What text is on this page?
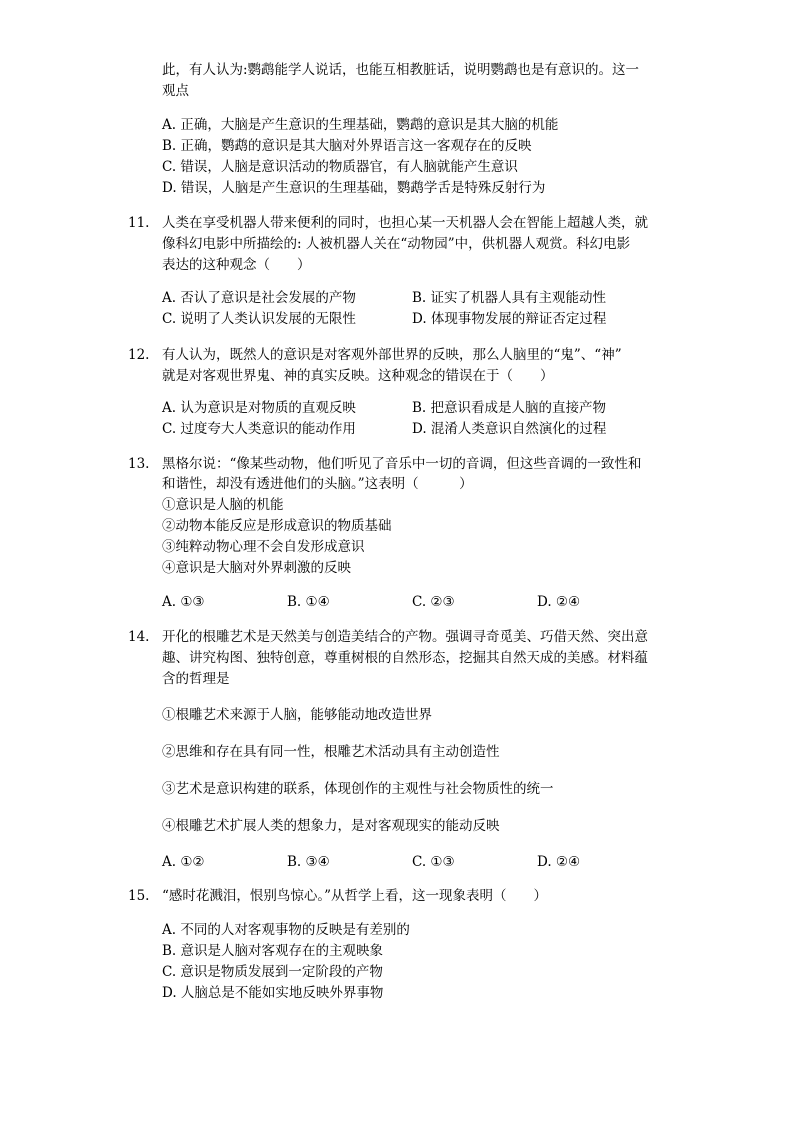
此，有人认为:鹦鹉能学人说话，也能互相教脏话，说明鹦鹉也是有意识的。这一
观点
A. 正确，大脑是产生意识的生理基础，鹦鹉的意识是其大脑的机能
B. 正确，鹦鹉的意识是其大脑对外界语言这一客观存在的反映
C. 错误，人脑是意识活动的物质器官，有人脑就能产生意识
D. 错误，人脑是产生意识的生理基础，鹦鹉学舌是特殊反射行为
11. 人类在享受机器人带来便利的同时，也担心某一天机器人会在智能上超越人类，就
像科幻电影中所描绘的: 人被机器人关在“动物园”中，供机器人观赏。科幻电影
表达的这种观念（　　）
A. 否认了意识是社会发展的产物	B. 证实了机器人具有主观能动性
C. 说明了人类认识发展的无限性	D. 体现事物发展的辩证否定过程
12. 有人认为，既然人的意识是对客观外部世界的反映，那么人脑里的“鬼”、“神”
就是对客观世界鬼、神的真实反映。这种观念的错误在于（　　）
A. 认为意识是对物质的直观反映	B. 把意识看成是人脑的直接产物
C. 过度夸大人类意识的能动作用	D. 混淆人类意识自然演化的过程
13. 黑格尔说：“像某些动物，他们听见了音乐中一切的音调，但这些音调的一致性和
和谐性，却没有透进他们的头脑。”这表明（　　　）
①意识是人脑的机能
②动物本能反应是形成意识的物质基础
③纯粹动物心理不会自发形成意识
④意识是大脑对外界刺激的反映
A. ①③	B. ①④	C. ②③	D. ②④
14. 开化的根雕艺术是天然美与创造美结合的产物。强调寻奇觅美、巧借天然、突出意
趣、讲究构图、独特创意，尊重树根的自然形态，挖掘其自然天成的美感。材料蕴
含的哲理是
①根雕艺术来源于人脑，能够能动地改造世界
②思维和存在具有同一性，根雕艺术活动具有主动创造性
③艺术是意识构建的联系，体现创作的主观性与社会物质性的统一
④根雕艺术扩展人类的想象力，是对客观现实的能动反映
A. ①②	B. ③④	C. ①③	D. ②④
15. “感时花溅泪，恨别鸟惊心。”从哲学上看，这一现象表明（　　）
A. 不同的人对客观事物的反映是有差别的
B. 意识是人脑对客观存在的主观映象
C. 意识是物质发展到一定阶段的产物
D. 人脑总是不能如实地反映外界事物
